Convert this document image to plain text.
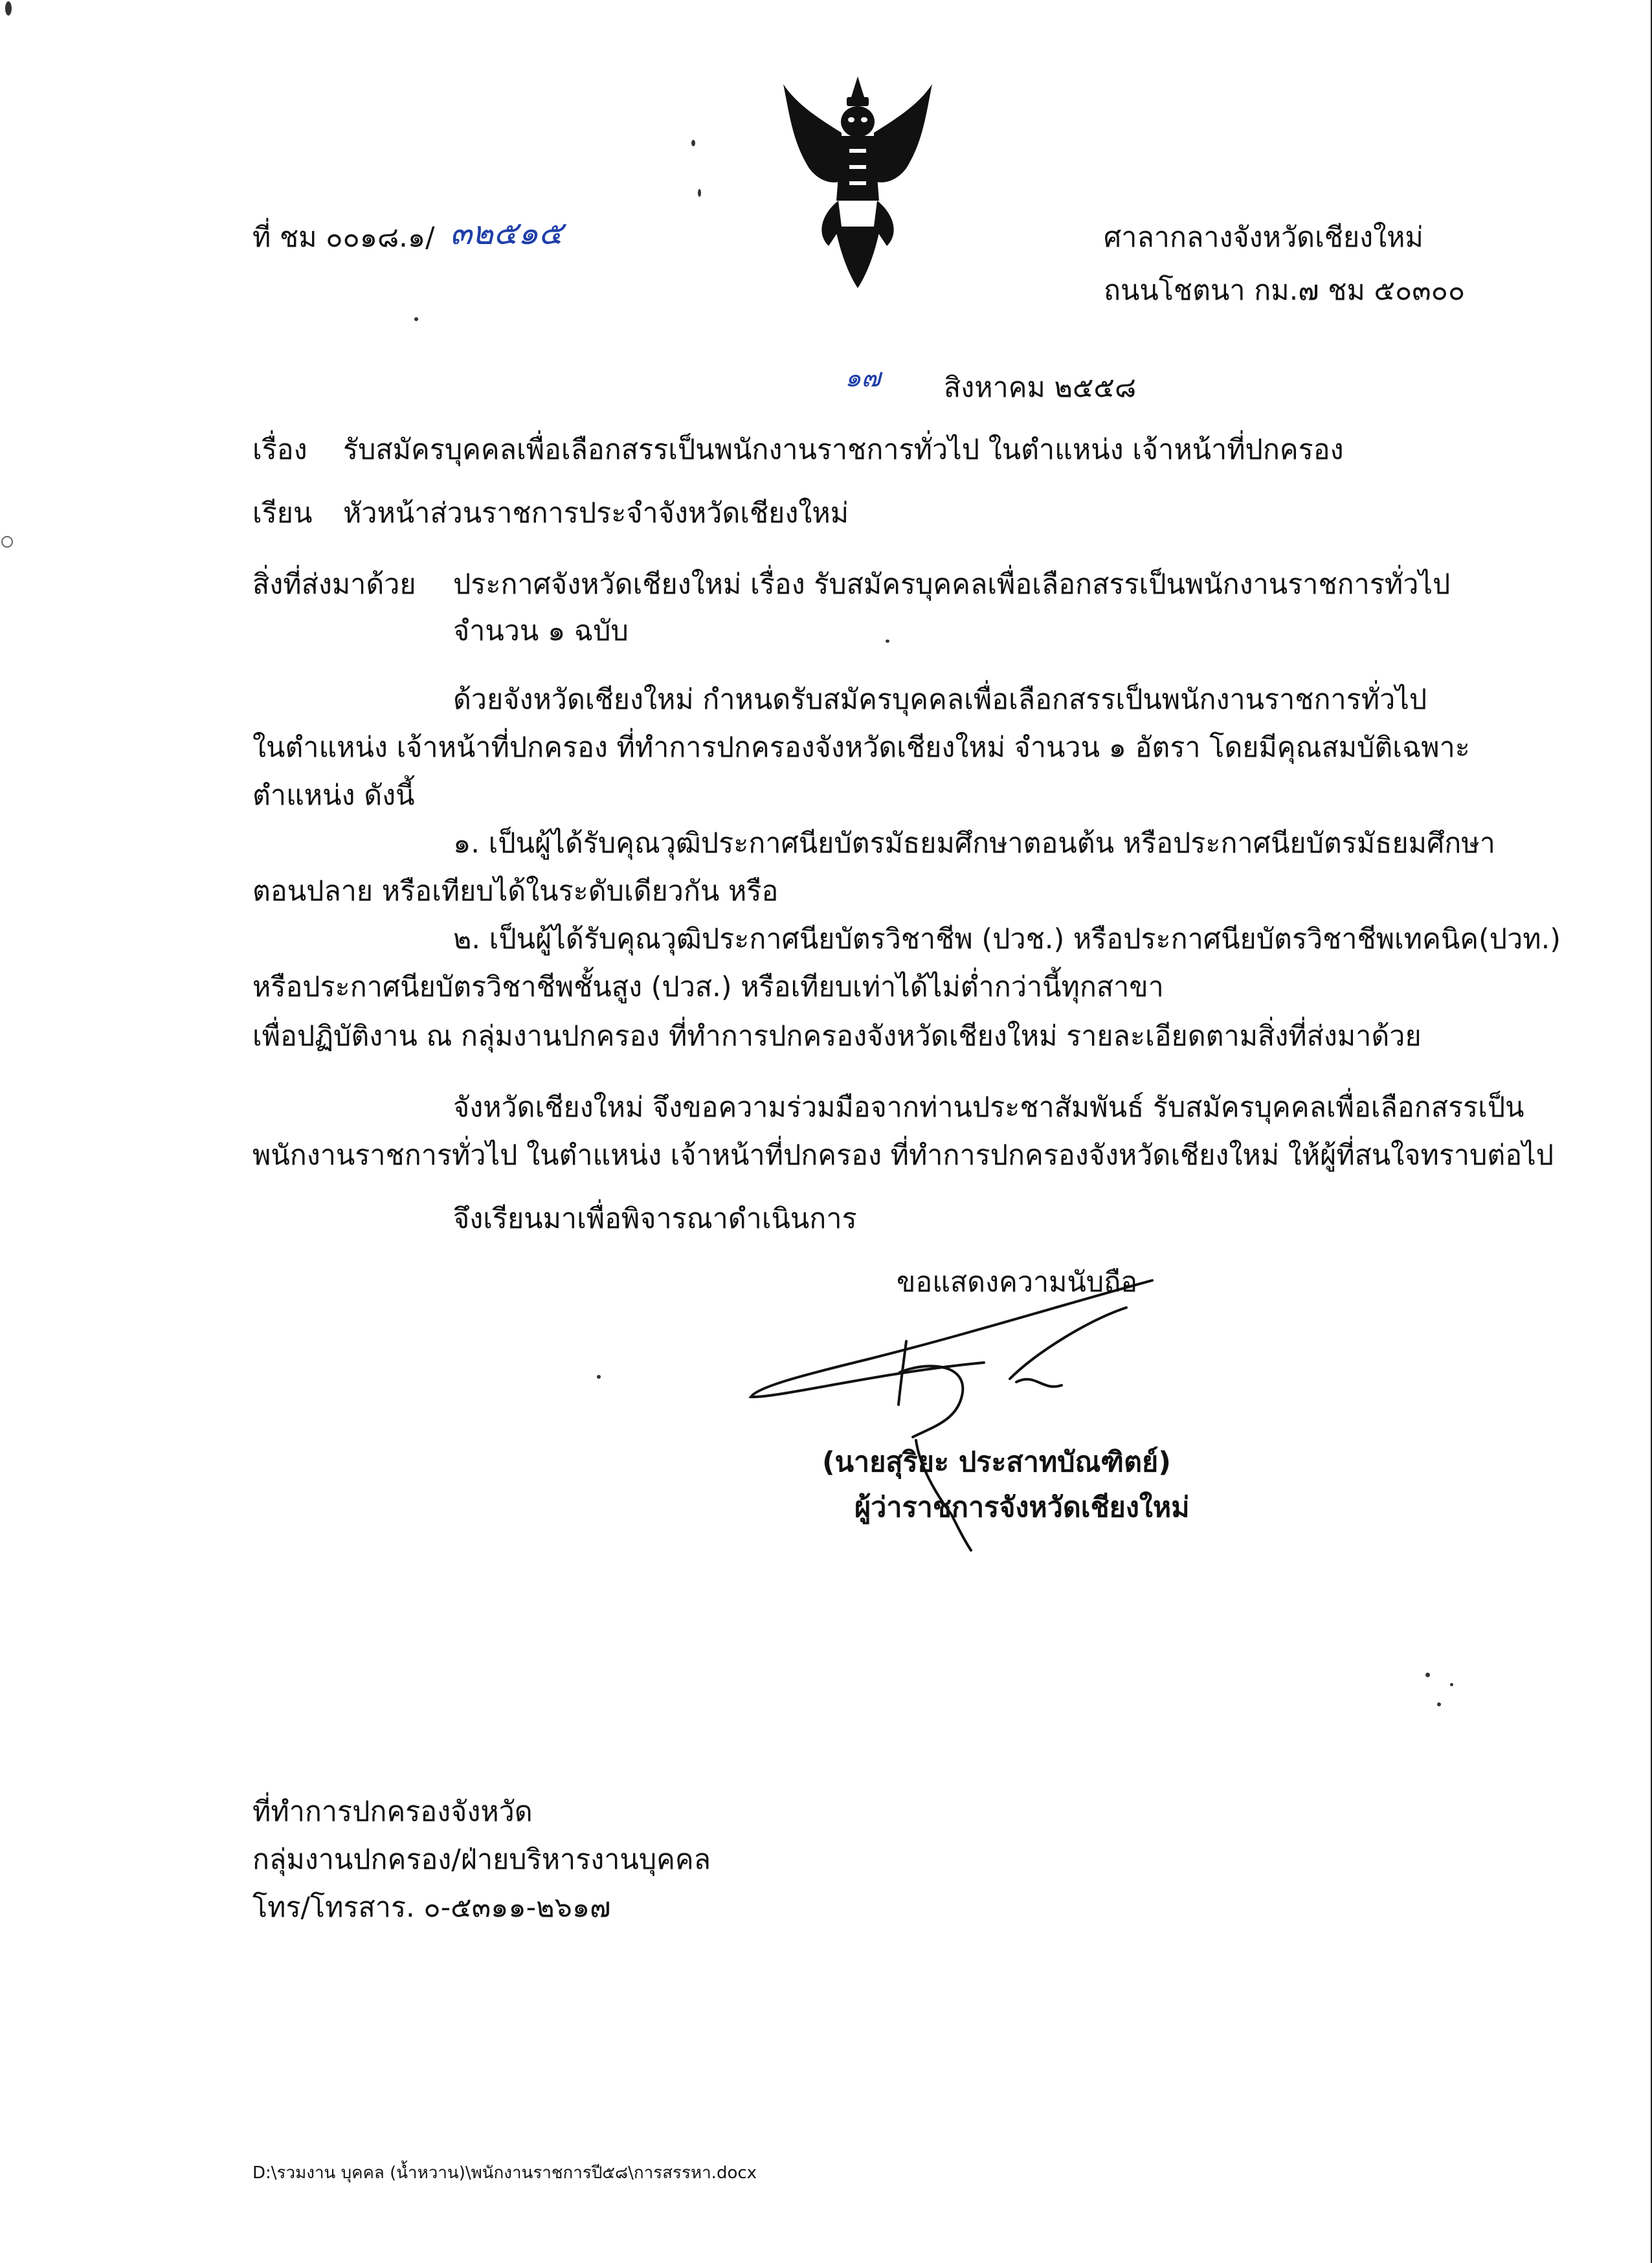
ที่ ชม ๐๐๑๘.๑/ ๓๒๕๑๕	ศาลากลางจังหวัดเชียงใหม่
ถนนโชตนา กม.๗ ชม ๕๐๓๐๐
๑๗ สิงหาคม ๒๕๕๘
เรื่อง รับสมัครบุคคลเพื่อเลือกสรรเป็นพนักงานราชการทั่วไป ในตำแหน่ง เจ้าหน้าที่ปกครอง
เรียน หัวหน้าส่วนราชการประจำจังหวัดเชียงใหม่
สิ่งที่ส่งมาด้วย ประกาศจังหวัดเชียงใหม่ เรื่อง รับสมัครบุคคลเพื่อเลือกสรรเป็นพนักงานราชการทั่วไป
จำนวน ๑ ฉบับ
ด้วยจังหวัดเชียงใหม่ กำหนดรับสมัครบุคคลเพื่อเลือกสรรเป็นพนักงานราชการทั่วไป
ในตำแหน่ง เจ้าหน้าที่ปกครอง ที่ทำการปกครองจังหวัดเชียงใหม่ จำนวน ๑ อัตรา โดยมีคุณสมบัติเฉพาะ
ตำแหน่ง ดังนี้
๑. เป็นผู้ได้รับคุณวุฒิประกาศนียบัตรมัธยมศึกษาตอนต้น หรือประกาศนียบัตรมัธยมศึกษา
ตอนปลาย หรือเทียบได้ในระดับเดียวกัน หรือ
๒. เป็นผู้ได้รับคุณวุฒิประกาศนียบัตรวิชาชีพ (ปวช.) หรือประกาศนียบัตรวิชาชีพเทคนิค(ปวท.)
หรือประกาศนียบัตรวิชาชีพชั้นสูง (ปวส.) หรือเทียบเท่าได้ไม่ต่ำกว่านี้ทุกสาขา
เพื่อปฏิบัติงาน ณ กลุ่มงานปกครอง ที่ทำการปกครองจังหวัดเชียงใหม่ รายละเอียดตามสิ่งที่ส่งมาด้วย
จังหวัดเชียงใหม่ จึงขอความร่วมมือจากท่านประชาสัมพันธ์ รับสมัครบุคคลเพื่อเลือกสรรเป็น
พนักงานราชการทั่วไป ในตำแหน่ง เจ้าหน้าที่ปกครอง ที่ทำการปกครองจังหวัดเชียงใหม่ ให้ผู้ที่สนใจทราบต่อไป
จึงเรียนมาเพื่อพิจารณาดำเนินการ
ขอแสดงความนับถือ
(นายสุริยะ ประสาทบัณฑิตย์)
ผู้ว่าราชการจังหวัดเชียงใหม่
ที่ทำการปกครองจังหวัด
กลุ่มงานปกครอง/ฝ่ายบริหารงานบุคคล
โทร/โทรสาร. ๐-๕๓๑๑-๒๖๑๗
D:\รวมงาน บุคคล (น้ำหวาน)\พนักงานราชการปี๕๘\การสรรหา.docx
